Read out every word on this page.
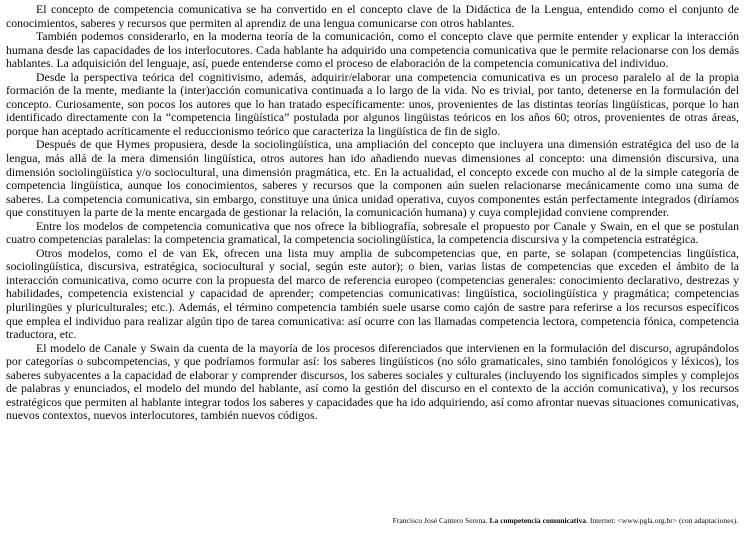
El concepto de competencia comunicativa se ha convertido en el concepto clave de la Didáctica de la Lengua, entendido como el conjunto de conocimientos, saberes y recursos que permiten al aprendiz de una lengua comunicarse con otros hablantes.

También podemos considerarlo, en la moderna teoría de la comunicación, como el concepto clave que permite entender y explicar la interacción humana desde las capacidades de los interlocutores. Cada hablante ha adquirido una competencia comunicativa que le permite relacionarse con los demás hablantes. La adquisición del lenguaje, así, puede entenderse como el proceso de elaboración de la competencia comunicativa del individuo.

Desde la perspectiva teórica del cognitivismo, además, adquirir/elaborar una competencia comunicativa es un proceso paralelo al de la propia formación de la mente, mediante la (inter)acción comunicativa continuada a lo largo de la vida. No es trivial, por tanto, detenerse en la formulación del concepto. Curiosamente, son pocos los autores que lo han tratado específicamente: unos, provenientes de las distintas teorías lingüísticas, porque lo han identificado directamente con la “competencia lingüística” postulada por algunos lingüistas teóricos en los años 60; otros, provenientes de otras áreas, porque han aceptado acríticamente el reduccionismo teórico que caracteriza la lingüística de fin de siglo.

Después de que Hymes propusiera, desde la sociolingüística, una ampliación del concepto que incluyera una dimensión estratégica del uso de la lengua, más allá de la mera dimensión lingüística, otros autores han ido añadiendo nuevas dimensiones al concepto: una dimensión discursiva, una dimensión sociolingüística y/o sociocultural, una dimensión pragmática, etc. En la actualidad, el concepto excede con mucho al de la simple categoría de competencia lingüística, aunque los conocimientos, saberes y recursos que la componen aún suelen relacionarse mecánicamente como una suma de saberes. La competencia comunicativa, sin embargo, constituye una única unidad operativa, cuyos componentes están perfectamente integrados (diríamos que constituyen la parte de la mente encargada de gestionar la relación, la comunicación humana) y cuya complejidad conviene comprender.

Entre los modelos de competencia comunicativa que nos ofrece la bibliografía, sobresale el propuesto por Canale y Swain, en el que se postulan cuatro competencias paralelas: la competencia gramatical, la competencia sociolingüística, la competencia discursiva y la competencia estratégica.

Otros modelos, como el de van Ek, ofrecen una lista muy amplia de subcompetencias que, en parte, se solapan (competencias lingüística, sociolingüística, discursiva, estratégica, sociocultural y social, según este autor); o bien, varias listas de competencias que exceden el ámbito de la interacción comunicativa, como ocurre con la propuesta del marco de referencia europeo (competencias generales: conocimiento declarativo, destrezas y habilidades, competencia existencial y capacidad de aprender; competencias comunicativas: lingüística, sociolingüística y pragmática; competencias plurilingües y pluriculturales; etc.). Además, el término competencia también suele usarse como cajón de sastre para referirse a los recursos específicos que emplea el individuo para realizar algún tipo de tarea comunicativa: así ocurre con las llamadas competencia lectora, competencia fónica, competencia traductora, etc.

El modelo de Canale y Swain da cuenta de la mayoría de los procesos diferenciados que intervienen en la formulación del discurso, agrupándolos por categorías o subcompetencias, y que podríamos formular así: los saberes lingüísticos (no sólo gramaticales, sino también fonológicos y léxicos), los saberes subyacentes a la capacidad de elaborar y comprender discursos, los saberes sociales y culturales (incluyendo los significados simples y complejos de palabras y enunciados, el modelo del mundo del hablante, así como la gestión del discurso en el contexto de la acción comunicativa), y los recursos estratégicos que permiten al hablante integrar todos los saberes y capacidades que ha ido adquiriendo, así como afrontar nuevas situaciones comunicativas, nuevos contextos, nuevos interlocutores, también nuevos códigos.

Francisco José Cantero Serena. La competencia comunicativa. Internet: <www.pgla.org.br> (con adaptaciones).
